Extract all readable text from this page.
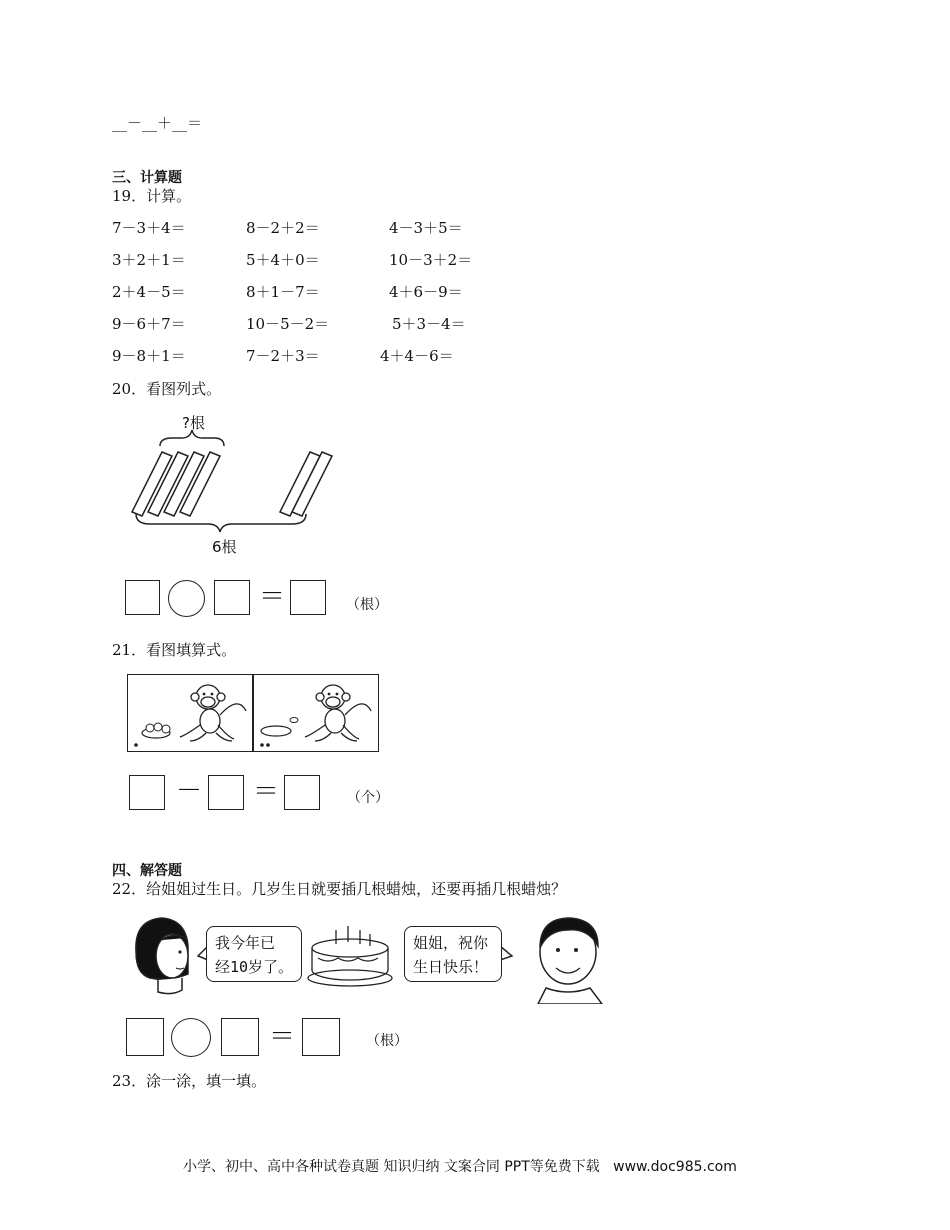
__－__＋__＝
三、计算题
19．计算。
7－3＋4＝	8－2＋2＝	4－3＋5＝
3＋2＋1＝	5＋4＋0＝	10－3＋2＝
2＋4－5＝	8＋1－7＝	4＋6－9＝
9－6＋7＝	10－5－2＝	5＋3－4＝
9－8＋1＝	7－2＋3＝	4＋4－6＝
20．看图列式。
?根
6根
＝	（根）
21．看图填算式。
－ ＝	（个）
四、解答题
22．给姐姐过生日。几岁生日就要插几根蜡烛，还要再插几根蜡烛？
我今年已
经10岁了。
姐姐，祝你
生日快乐！
＝	（根）
23．涂一涂，填一填。
小学、初中、高中各种试卷真题 知识归纳 文案合同 PPT等免费下载   www.doc985.com
